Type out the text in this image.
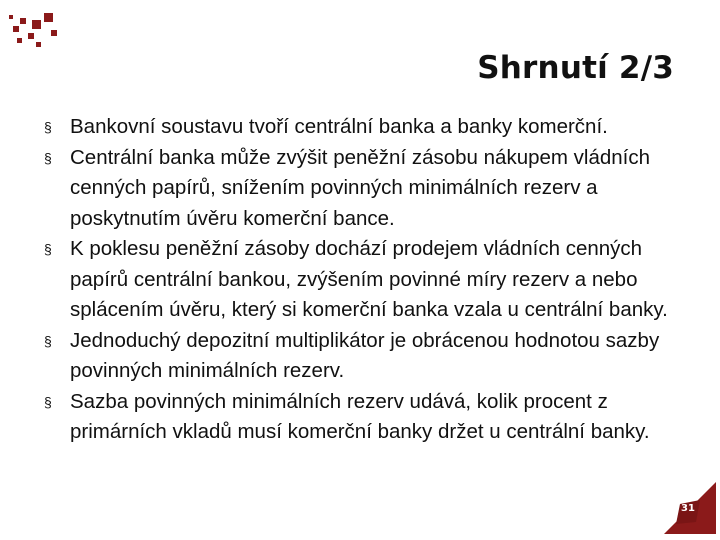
Shrnutí 2/3
§ Bankovní soustavu tvoří centrální banka a banky komerční.
§ Centrální banka může zvýšit peněžní zásobu nákupem vládních cenných papírů, snížením povinných minimálních rezerv a poskytnutím úvěru komerční bance.
§ K poklesu peněžní zásoby dochází prodejem vládních cenných papírů centrální bankou, zvýšením povinné míry rezerv a nebo splácením úvěru, který si komerční banka vzala u centrální banky.
§ Jednoduchý depozitní multiplikátor je obrácenou hodnotou sazby povinných minimálních rezerv.
§ Sazba povinných minimálních rezerv udává, kolik procent z primárních vkladů musí komerční banky držet u centrální banky.
31
